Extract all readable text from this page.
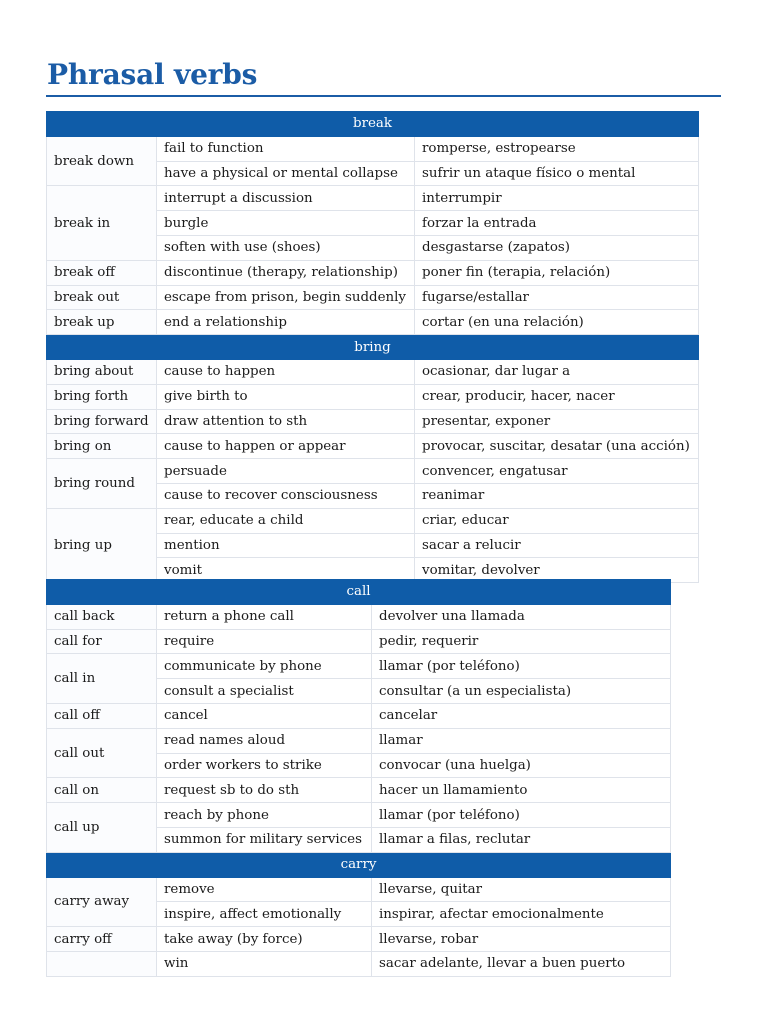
Phrasal verbs
break		
break down	fail to function	romperse, estropearse
	have a physical or mental collapse	sufrir un ataque físico o mental
break in	interrupt a discussion	interrumpir
	burgle	forzar la entrada
	soften with use (shoes)	desgastarse (zapatos)
break off	discontinue (therapy, relationship)	poner fin (terapia, relación)
break out	escape from prison, begin suddenly	fugarse/estallar
break up	end a relationship	cortar (en una relación)
bring		
bring about	cause to happen	ocasionar, dar lugar a
bring forth	give birth to	crear, producir, hacer, nacer
bring forward	draw attention to sth	presentar, exponer
bring on	cause to happen or appear	provocar, suscitar, desatar (una acción)
bring round	persuade	convencer, engatusar
	cause to recover consciousness	reanimar
bring up	rear, educate a child	criar, educar
	mention	sacar a relucir
	vomit	vomitar, devolver
call		
call back	return a phone call	devolver una llamada
call for	require	pedir, requerir
call in	communicate by phone	llamar (por teléfono)
	consult a specialist	consultar (a un especialista)
call off	cancel	cancelar
call out	read names aloud	llamar
	order workers to strike	convocar (una huelga)
call on	request sb to do sth	hacer un llamamiento
call up	reach by phone	llamar (por teléfono)
	summon for military services	llamar a filas, reclutar
carry		
carry away	remove	llevarse, quitar
	inspire, affect emotionally	inspirar, afectar emocionalmente
carry off	take away (by force)	llevarse, robar
	win	sacar adelante, llevar a buen puerto
